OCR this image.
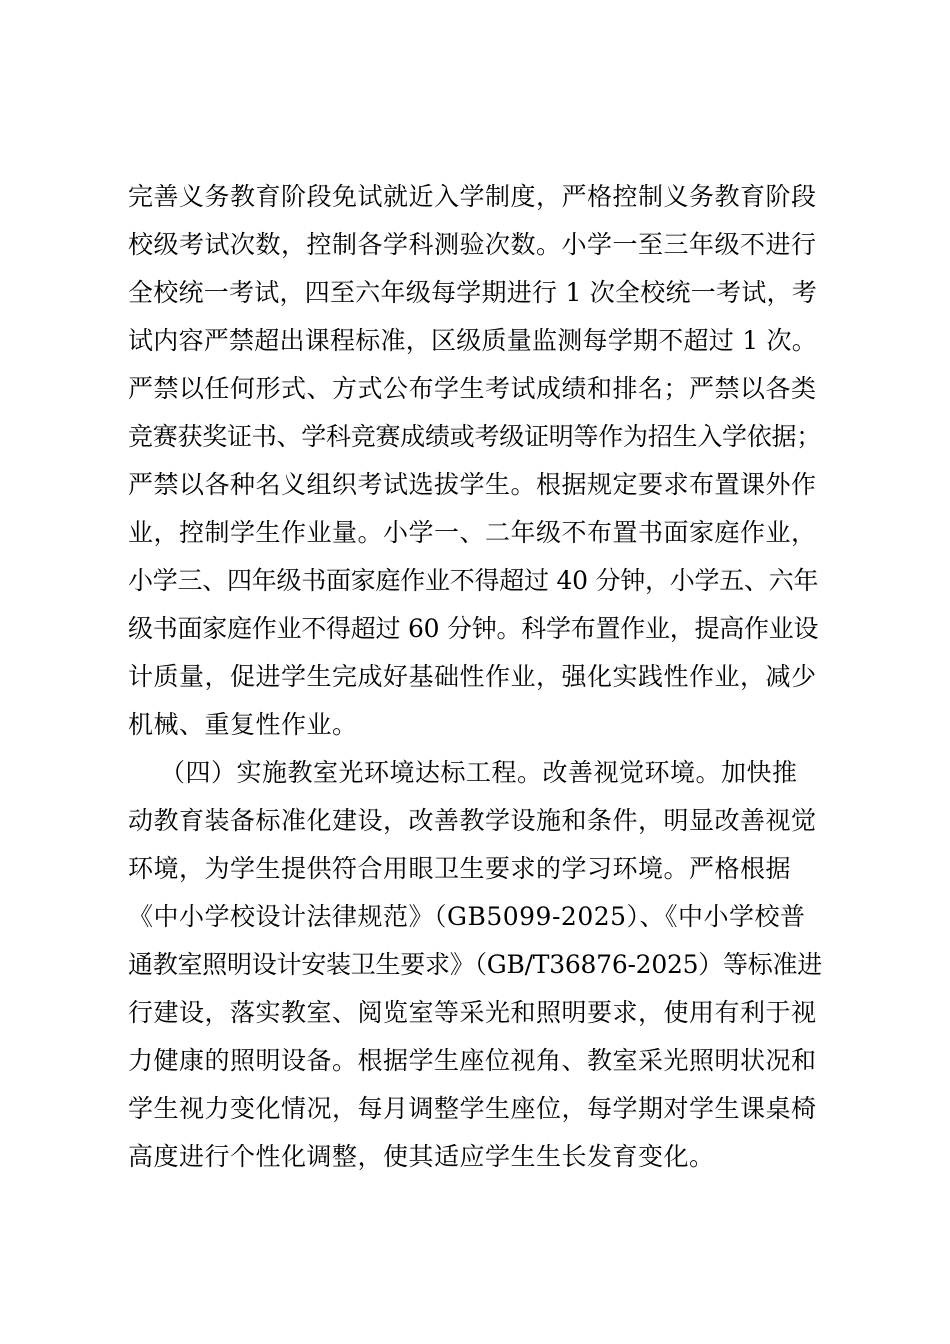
完善义务教育阶段免试就近入学制度，严格控制义务教育阶段
校级考试次数，控制各学科测验次数。小学一至三年级不进行
全校统一考试，四至六年级每学期进行 1 次全校统一考试，考
试内容严禁超出课程标准，区级质量监测每学期不超过 1 次。
严禁以任何形式、方式公布学生考试成绩和排名；严禁以各类
竞赛获奖证书、学科竞赛成绩或考级证明等作为招生入学依据；
严禁以各种名义组织考试选拔学生。根据规定要求布置课外作
业，控制学生作业量。小学一、二年级不布置书面家庭作业，
小学三、四年级书面家庭作业不得超过 40 分钟，小学五、六年
级书面家庭作业不得超过 60 分钟。科学布置作业，提高作业设
计质量，促进学生完成好基础性作业，强化实践性作业，减少
机械、重复性作业。
（四）实施教室光环境达标工程。改善视觉环境。加快推
动教育装备标准化建设，改善教学设施和条件，明显改善视觉
环境，为学生提供符合用眼卫生要求的学习环境。严格根据
《中小学校设计法律规范》（GB5099-2025）、《中小学校普
通教室照明设计安装卫生要求》（GB/T36876-2025）等标准进
行建设，落实教室、阅览室等采光和照明要求，使用有利于视
力健康的照明设备。根据学生座位视角、教室采光照明状况和
学生视力变化情况，每月调整学生座位，每学期对学生课桌椅
高度进行个性化调整，使其适应学生生长发育变化。
